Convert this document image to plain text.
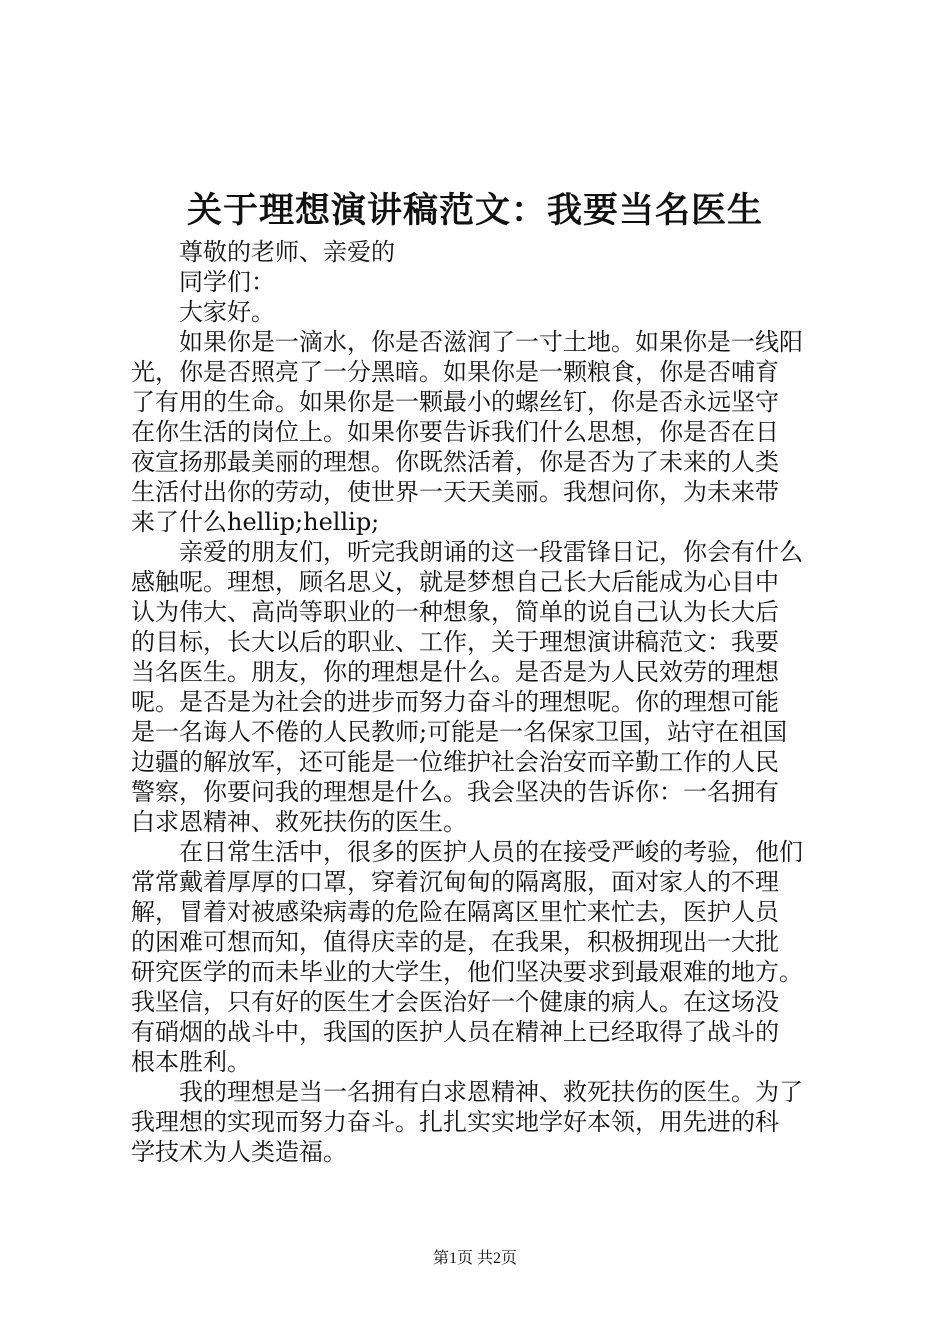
关于理想演讲稿范文：我要当名医生
尊敬的老师、亲爱的
同学们：
大家好。
如果你是一滴水，你是否滋润了一寸土地。如果你是一线阳
光，你是否照亮了一分黑暗。如果你是一颗粮食，你是否哺育
了有用的生命。如果你是一颗最小的螺丝钉，你是否永远坚守
在你生活的岗位上。如果你要告诉我们什么思想，你是否在日
夜宣扬那最美丽的理想。你既然活着，你是否为了未来的人类
生活付出你的劳动，使世界一天天美丽。我想问你，为未来带
来了什么hellip;hellip;
亲爱的朋友们，听完我朗诵的这一段雷锋日记，你会有什么
感触呢。理想，顾名思义，就是梦想自己长大后能成为心目中
认为伟大、高尚等职业的一种想象，简单的说自己认为长大后
的目标，长大以后的职业、工作，关于理想演讲稿范文：我要
当名医生。朋友，你的理想是什么。是否是为人民效劳的理想
呢。是否是为社会的进步而努力奋斗的理想呢。你的理想可能
是一名诲人不倦的人民教师;可能是一名保家卫国，站守在祖国
边疆的解放军，还可能是一位维护社会治安而辛勤工作的人民
警察，你要问我的理想是什么。我会坚决的告诉你：一名拥有
白求恩精神、救死扶伤的医生。
在日常生活中，很多的医护人员的在接受严峻的考验，他们
常常戴着厚厚的口罩，穿着沉甸甸的隔离服，面对家人的不理
解，冒着对被感染病毒的危险在隔离区里忙来忙去，医护人员
的困难可想而知，值得庆幸的是，在我果，积极拥现出一大批
研究医学的而未毕业的大学生，他们坚决要求到最艰难的地方。
我坚信，只有好的医生才会医治好一个健康的病人。在这场没
有硝烟的战斗中，我国的医护人员在精神上已经取得了战斗的
根本胜利。
我的理想是当一名拥有白求恩精神、救死扶伤的医生。为了
我理想的实现而努力奋斗。扎扎实实地学好本领，用先进的科
学技术为人类造福。
第1页 共2页
